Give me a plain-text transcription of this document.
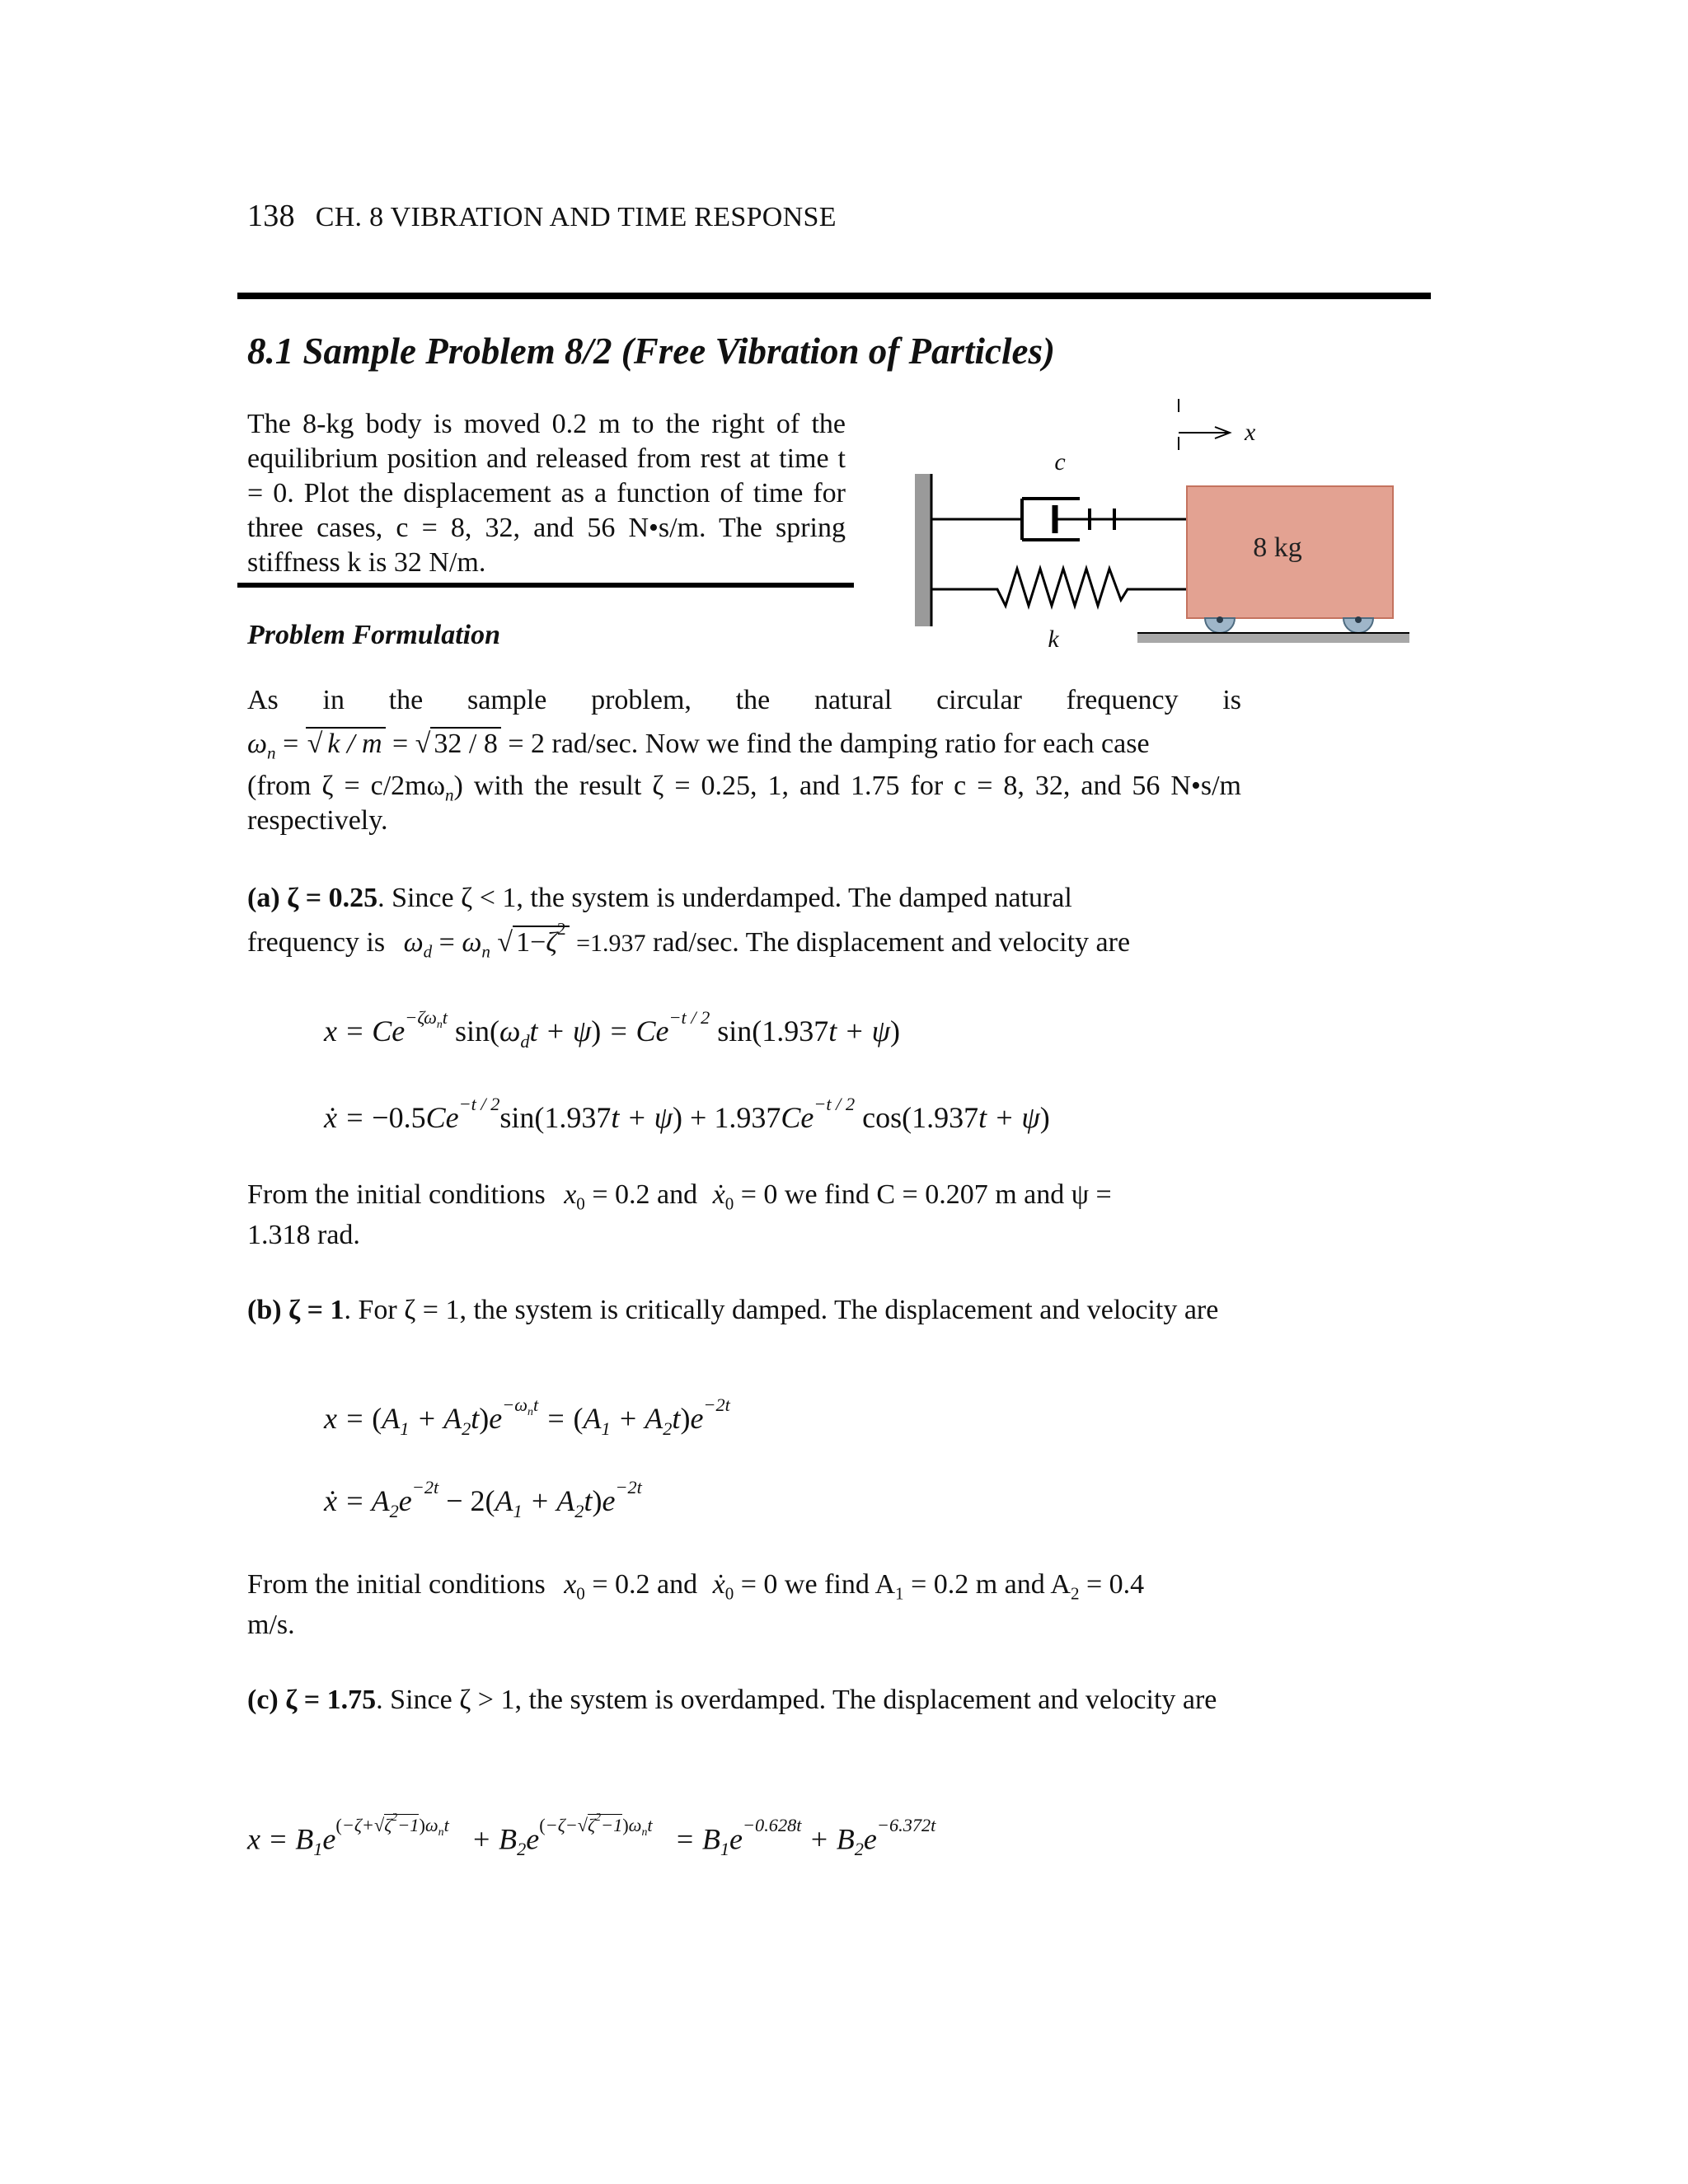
138 CH. 8 VIBRATION AND TIME RESPONSE
8.1 Sample Problem 8/2 (Free Vibration of Particles)
The 8-kg body is moved 0.2 m to the right of the equilibrium position and released from rest at time t = 0. Plot the displacement as a function of time for three cases, c = 8, 32, and 56 N•s/m. The spring stiffness k is 32 N/m.
c
k
8 kg
x
Problem Formulation
As in the sample problem, the natural circular frequency is
$\omega_n$ = √ k / m = √ 32 / 8 = 2 rad/sec. Now we find the damping ratio for each case
(from $\zeta = c/2m\omega_n$) with the result ζ = 0.25, 1, and 1.75 for c = 8, 32, and 56 N•s/m respectively.
(a) ζ = 0.25. Since ζ < 1, the system is underdamped. The damped natural
frequency is $\omega_d = \omega_n$ √ $1-\zeta^2 =1.937$ rad/sec. The displacement and velocity are
$x = Ce^{-\zeta\omega_nt}$ $\sin(\omega_dt + \psi) = Ce^{-t / 2}$ sin(1.937t + ψ)
ẋ = $-0.5Ce^{-t / 2}\sin(1.937t + \psi) + 1.937Ce^{-t / 2}$ cos(1.937t + ψ)
From the initial conditions $x_0 = 0.2$ and ẋ$_0$ = 0 we find C = 0.207 m and ψ =
1.318 rad.
(b) ζ = 1. For ζ = 1, the system is critically damped. The displacement and velocity are
$x = (A_1 + A_2t)e^{-\omega_nt} = (A_1 + A_2t)e^{-2t}$
ẋ = $A_2e^{-2t} - 2(A_1 + A_2t)e^{-2t}$
From the initial conditions $x_0 = 0.2$ and ẋ$_0$ = 0 we find $A_1 = 0.2$ m and $A_2 = 0.4$
m/s.
(c) ζ = 1.75. Since ζ > 1, the system is overdamped. The displacement and velocity are
$x = B_1e^{(-\zeta+√\zeta^2-1)\omega_nt} + B_2e^{(-\zeta-√\zeta^2-1)\omega_nt} = B_1e^{-0.628t} + B_2e^{-6.372t}$
